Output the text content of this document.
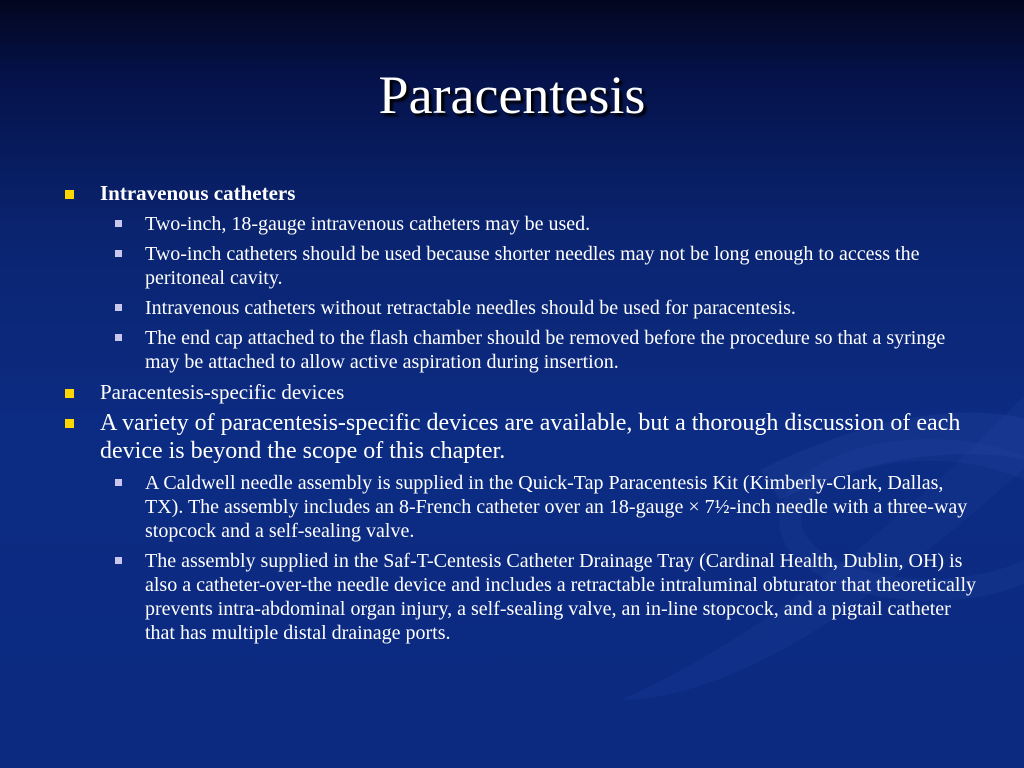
Paracentesis
Intravenous catheters
Two-inch, 18-gauge intravenous catheters may be used.
Two-inch catheters should be used because shorter needles may not be long enough to access the peritoneal cavity.
Intravenous catheters without retractable needles should be used for paracentesis.
The end cap attached to the flash chamber should be removed before the procedure so that a syringe may be attached to allow active aspiration during insertion.
Paracentesis-specific devices
A variety of paracentesis-specific devices are available, but a thorough discussion of each device is beyond the scope of this chapter.
A Caldwell needle assembly is supplied in the Quick-Tap Paracentesis Kit (Kimberly-Clark, Dallas, TX). The assembly includes an 8-French catheter over an 18-gauge × 7½-inch needle with a three-way stopcock and a self-sealing valve.
The assembly supplied in the Saf-T-Centesis Catheter Drainage Tray (Cardinal Health, Dublin, OH) is also a catheter-over-the needle device and includes a retractable intraluminal obturator that theoretically prevents intra-abdominal organ injury, a self-sealing valve, an in-line stopcock, and a pigtail catheter that has multiple distal drainage ports.
